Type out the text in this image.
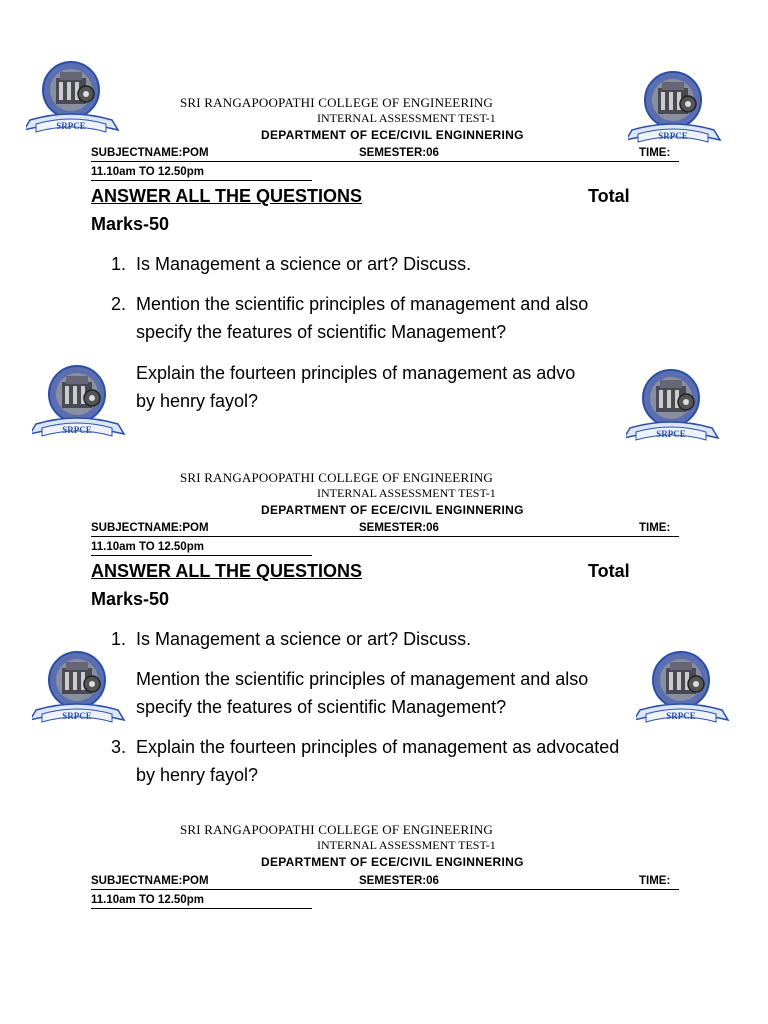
SRPCE
SRPCE
SRI RANGAPOOPATHI COLLEGE OF ENGINEERING
INTERNAL ASSESSMENT TEST-1
DEPARTMENT OF ECE/CIVIL ENGINNERING
SUBJECTNAME:POM	SEMESTER:06	TIME:
11.10am TO 12.50pm
ANSWER ALL THE QUESTIONS	Total
Marks-50
1. Is Management a science or art? Discuss.
2. Mention the scientific principles of management and also
specify the features of scientific Management?
Explain the fourteen principles of management as advo
by henry fayol?
SRPCE	SRPCE
SRI RANGAPOOPATHI COLLEGE OF ENGINEERING
INTERNAL ASSESSMENT TEST-1
DEPARTMENT OF ECE/CIVIL ENGINNERING
SUBJECTNAME:POM	SEMESTER:06	TIME:
11.10am TO 12.50pm
ANSWER ALL THE QUESTIONS	Total
Marks-50
1. Is Management a science or art? Discuss.
Mention the scientific principles of management and also
specify the features of scientific Management?
3. Explain the fourteen principles of management as advocated
by henry fayol?
SRPCE	SRPCE
SRI RANGAPOOPATHI COLLEGE OF ENGINEERING
INTERNAL ASSESSMENT TEST-1
DEPARTMENT OF ECE/CIVIL ENGINNERING
SUBJECTNAME:POM	SEMESTER:06	TIME:
11.10am TO 12.50pm
